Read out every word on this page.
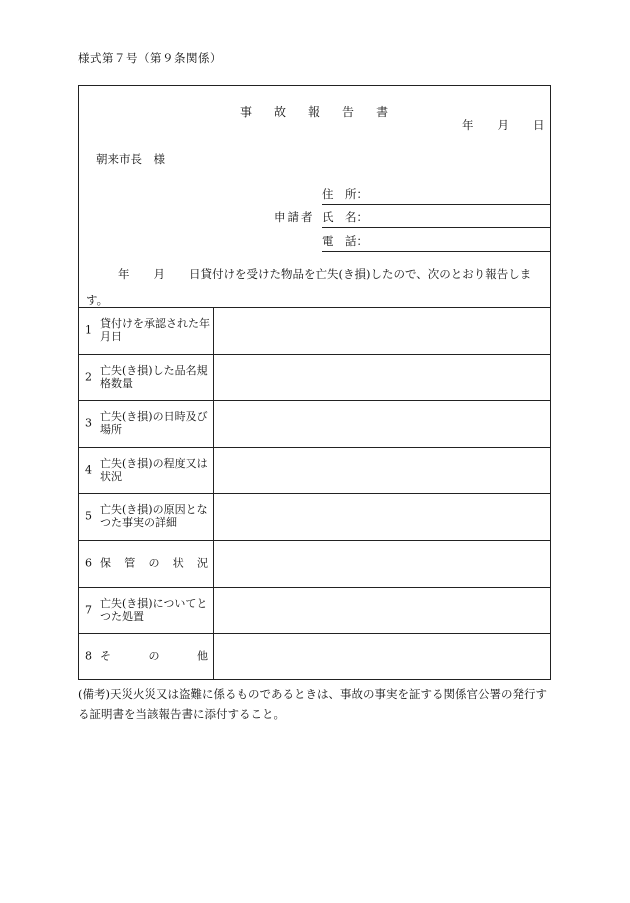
様式第７号（第９条関係）
事 故 報 告 書
年 月 日
朝来市長　様
申請者
住　所：
氏　名：
電　話：
年 月 日貸付けを受けた物品を亡失(き損)したので、次のとおり報告します。
1 貸付けを承認された年月日
2 亡失(き損)した品名規格数量
3 亡失(き損)の日時及び場所
4 亡失(き損)の程度又は状況
5 亡失(き損)の原因となつた事実の詳細
6 保 管 の 状 況
7 亡失(き損)についてとつた処置
8 そ	の	他
(備考)天災火災又は盗難に係るものであるときは、事故の事実を証する関係官公署の発行する証明書を当該報告書に添付すること。
